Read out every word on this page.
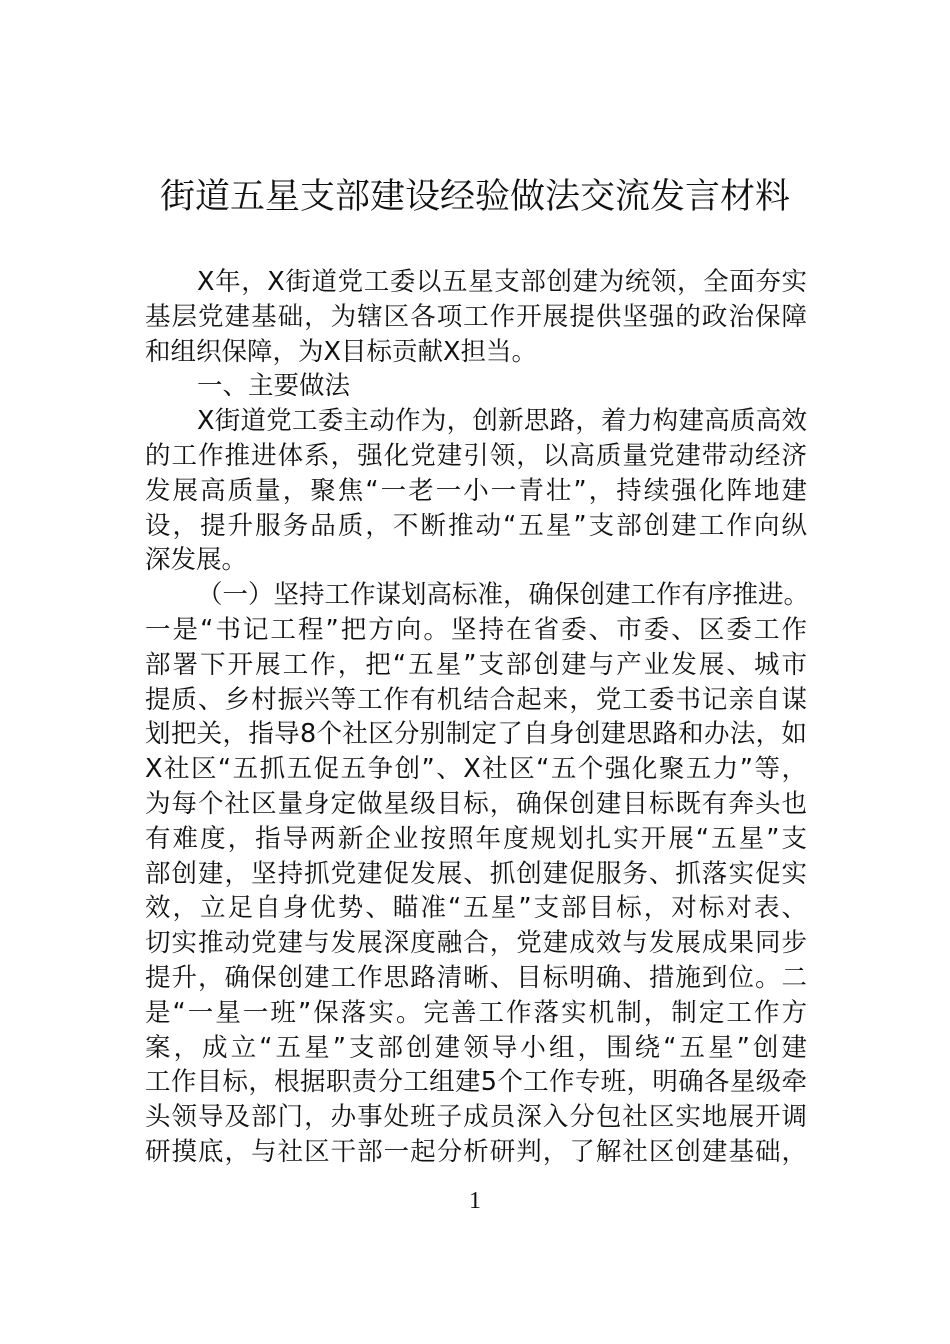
街道五星支部建设经验做法交流发言材料
X年，X街道党工委以五星支部创建为统领，全面夯实
基层党建基础，为辖区各项工作开展提供坚强的政治保障
和组织保障，为X目标贡献X担当。
一、主要做法
X街道党工委主动作为，创新思路，着力构建高质高效
的工作推进体系，强化党建引领，以高质量党建带动经济
发展高质量，聚焦“一老一小一青壮”，持续强化阵地建
设，提升服务品质，不断推动“五星”支部创建工作向纵
深发展。
（一）坚持工作谋划高标准，确保创建工作有序推进。
一是“书记工程”把方向。坚持在省委、市委、区委工作
部署下开展工作，把“五星”支部创建与产业发展、城市
提质、乡村振兴等工作有机结合起来，党工委书记亲自谋
划把关，指导8个社区分别制定了自身创建思路和办法，如
X社区“五抓五促五争创”、X社区“五个强化聚五力”等，
为每个社区量身定做星级目标，确保创建目标既有奔头也
有难度，指导两新企业按照年度规划扎实开展“五星”支
部创建，坚持抓党建促发展、抓创建促服务、抓落实促实
效，立足自身优势、瞄准“五星”支部目标，对标对表、
切实推动党建与发展深度融合，党建成效与发展成果同步
提升，确保创建工作思路清晰、目标明确、措施到位。二
是“一星一班”保落实。完善工作落实机制，制定工作方
案，成立“五星”支部创建领导小组，围绕“五星”创建
工作目标，根据职责分工组建5个工作专班，明确各星级牵
头领导及部门，办事处班子成员深入分包社区实地展开调
研摸底，与社区干部一起分析研判，了解社区创建基础，
1
